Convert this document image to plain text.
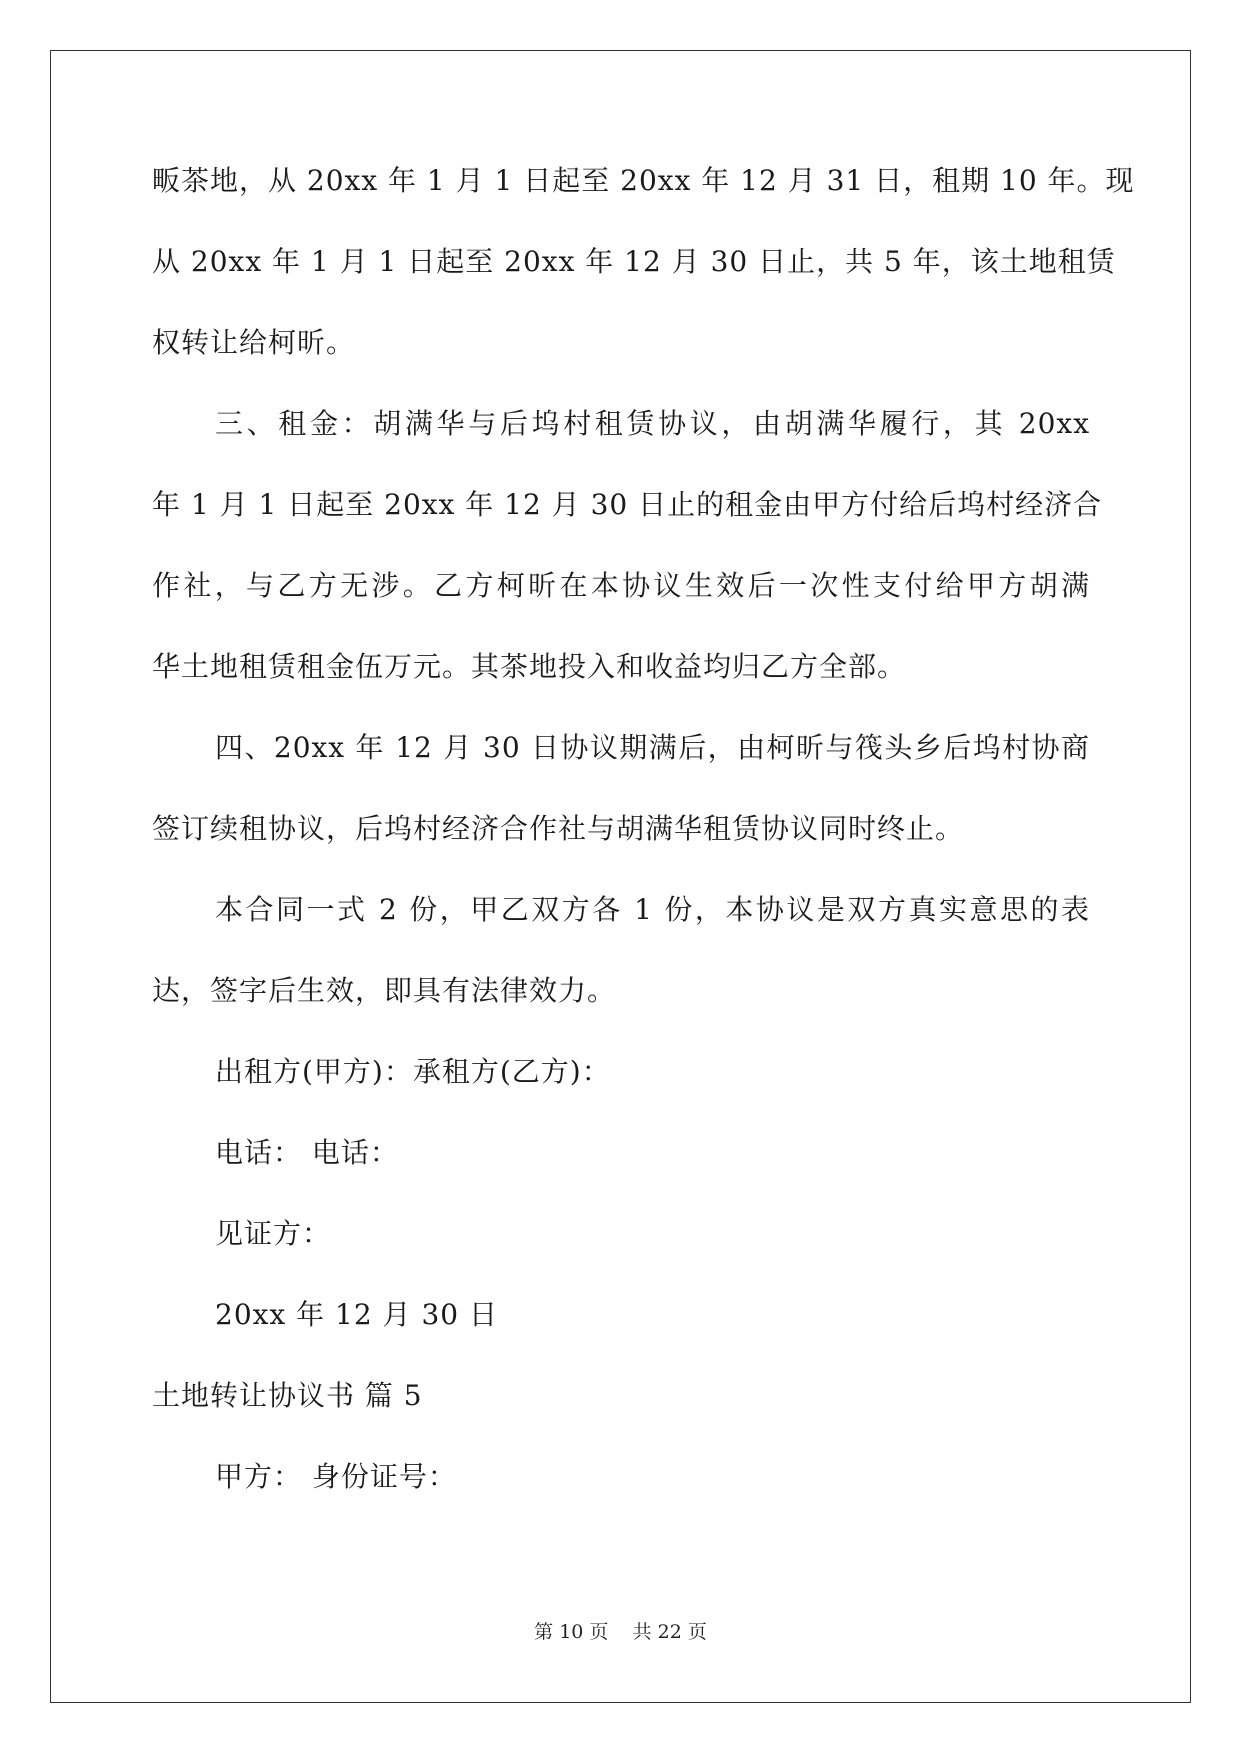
畈茶地，从 20xx 年 1 月 1 日起至 20xx 年 12 月 31 日，租期 10 年。现
从 20xx 年 1 月 1 日起至 20xx 年 12 月 30 日止，共 5 年，该土地租赁
权转让给柯昕。
三、租金：胡满华与后坞村租赁协议，由胡满华履行，其 20xx
年 1 月 1 日起至 20xx 年 12 月 30 日止的租金由甲方付给后坞村经济合
作社，与乙方无涉。乙方柯昕在本协议生效后一次性支付给甲方胡满
华土地租赁租金伍万元。其茶地投入和收益均归乙方全部。
四、20xx 年 12 月 30 日协议期满后，由柯昕与筏头乡后坞村协商
签订续租协议，后坞村经济合作社与胡满华租赁协议同时终止。
本合同一式 2 份，甲乙双方各 1 份，本协议是双方真实意思的表
达，签字后生效，即具有法律效力。
出租方(甲方)：承租方(乙方)：
电话： 电话：
见证方：
20xx 年 12 月 30 日
土地转让协议书 篇 5
甲方： 身份证号：
第 10 页    共 22 页
